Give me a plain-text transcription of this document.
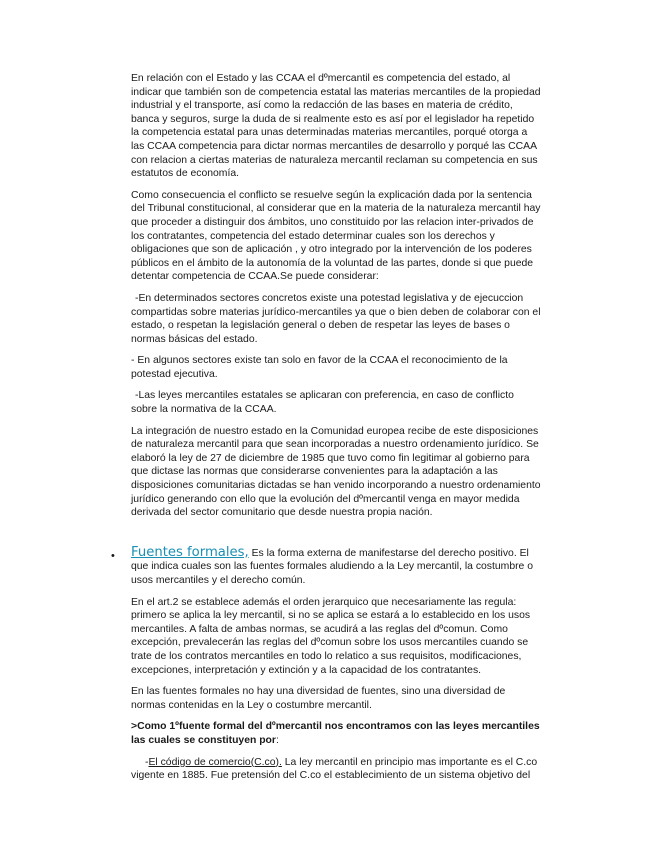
En relación con el Estado y las CCAA el dºmercantil es competencia del estado, al indicar que también son de competencia estatal las materias mercantiles de la propiedad industrial y el transporte, así como la redacción de las bases en materia de crédito, banca y seguros, surge la duda de si realmente esto es así por el legislador ha repetido la competencia estatal para unas determinadas materias mercantiles, porqué otorga a las CCAA competencia para dictar normas mercantiles de desarrollo y porqué las CCAA con relacion a ciertas materias de naturaleza mercantil reclaman su competencia en sus estatutos de economía.

Como consecuencia el conflicto se resuelve según la explicación dada por la sentencia del Tribunal constitucional, al considerar que en la materia de la naturaleza mercantil hay que proceder a distinguir dos ámbitos, uno constituido por las relacion inter-privados de los contratantes, competencia del estado determinar cuales son los derechos y obligaciones que son de aplicación , y otro integrado por la intervención de los poderes públicos en el ámbito de la autonomía de la voluntad de las partes, donde si que puede detentar competencia de CCAA.Se puede considerar:

-En determinados sectores concretos existe una potestad legislativa y de ejecuccion compartidas sobre materias jurídico-mercantiles ya que o bien deben de colaborar con el estado, o respetan la legislación general o deben de respetar las leyes de bases o normas básicas del estado.

- En algunos sectores existe tan solo en favor de la CCAA el reconocimiento de la potestad ejecutiva.

-Las leyes mercantiles estatales se aplicaran con preferencia, en caso de conflicto sobre la normativa de la CCAA.

La integración de nuestro estado en la Comunidad europea recibe de este disposiciones de naturaleza mercantil para que sean incorporadas a nuestro ordenamiento jurídico. Se elaboró la ley de 27 de diciembre de 1985 que tuvo como fin legitimar al gobierno para que dictase las normas que considerarse convenientes para la adaptación a las disposiciones comunitarias dictadas se han venido incorporando a nuestro ordenamiento jurídico generando con ello que la evolución del dºmercantil venga en mayor medida derivada del sector comunitario que desde nuestra propia nación.

• Fuentes formales, Es la forma externa de manifestarse del derecho positivo. El que indica cuales son las fuentes formales aludiendo a la Ley mercantil, la costumbre o usos mercantiles y el derecho común.

En el art.2 se establece además el orden jerarquico que necesariamente las regula: primero se aplica la ley mercantil, si no se aplica se estará a lo establecido en los usos mercantiles. A falta de ambas normas, se acudirá a las reglas del dºcomun. Como excepción, prevalecerán las reglas del dºcomun sobre los usos mercantiles cuando se trate de los contratos mercantiles en todo lo relatico a sus requisitos, modificaciones, excepciones, interpretación y extinción y a la capacidad de los contratantes.

En las fuentes formales no hay una diversidad de fuentes, sino una diversidad de normas contenidas en la Ley o costumbre mercantil.

>Como 1ºfuente formal del dºmercantil nos encontramos con las leyes mercantiles las cuales se constituyen por:

-El código de comercio(C.co). La ley mercantil en principio mas importante es el C.co vigente en 1885. Fue pretensión del C.co el establecimiento de un sistema objetivo del
